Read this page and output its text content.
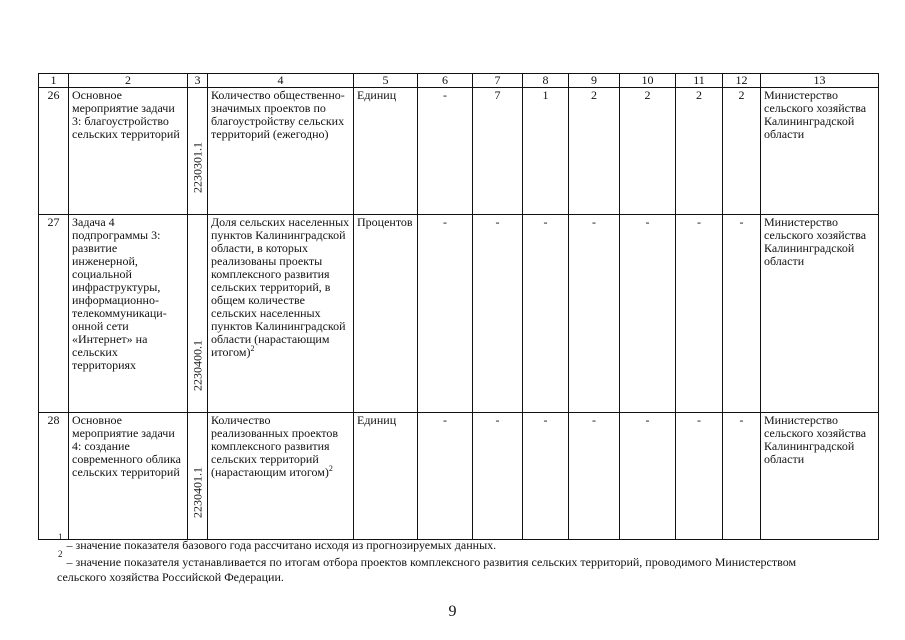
1	2	3	4	5	6	7	8	9	10	11	12	13
26	Основное мероприятие задачи 3: благоустройство сельских территорий	2230301.1	Количество общественно-значимых проектов по благоустройству сельских территорий (ежегодно)	Единиц	-	7	1	2	2	2	2	Министерство сельского хозяйства Калининградской области
27	Задача 4 подпрограммы 3: развитие инженерной, социальной инфраструктуры, информационно-телекоммуникаци-онной сети «Интернет» на сельских территориях	2230400.1	Доля сельских населенных пунктов Калининградской области, в которых реализованы проекты комплексного развития сельских территорий, в общем количестве сельских населенных пунктов Калининградской области (нарастающим итогом)$^2$	Процентов	-	-	-	-	-	-	-	Министерство сельского хозяйства Калининградской области
28	Основное мероприятие задачи 4: создание современного облика сельских территорий	2230401.1	Количество реализованных проектов комплексного развития сельских территорий (нарастающим итогом)$^2$	Единиц	-	-	-	-	-	-	-	Министерство сельского хозяйства Калининградской области
$^1$– значение показателя базового года рассчитано исходя из прогнозируемых данных.
$^2$– значение показателя устанавливается по итогам отбора проектов комплексного развития сельских территорий, проводимого Министерством
сельского хозяйства Российской Федерации.
9
